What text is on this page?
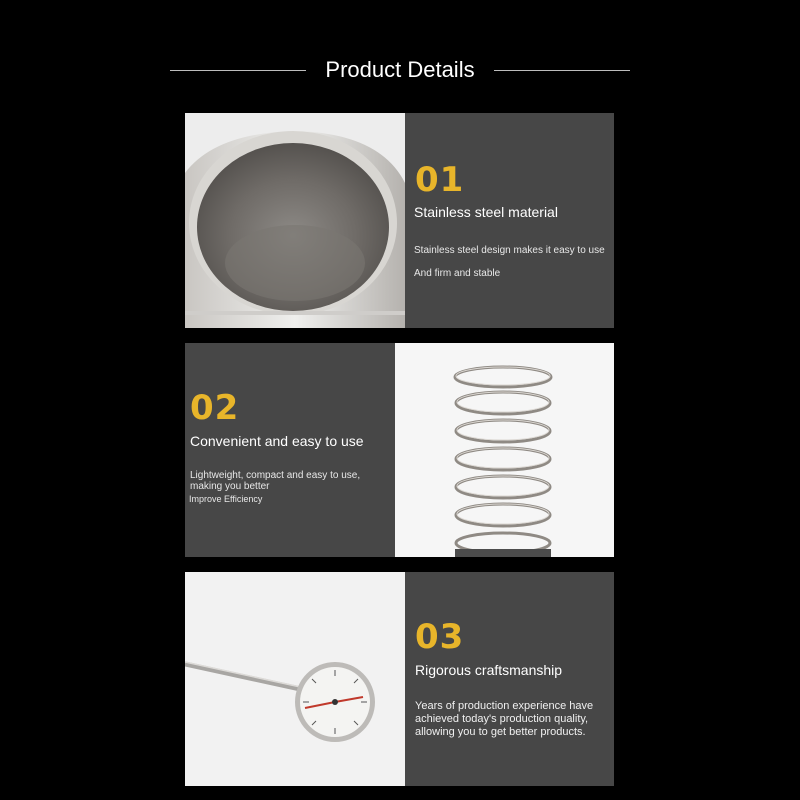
Product Details
01
Stainless steel material
Stainless steel design makes it easy to use
And firm and stable
02
Convenient and easy to use
Lightweight, compact and easy to use,
making you better
Improve Efficiency
03
Rigorous craftsmanship
Years of production experience have
achieved today's production quality,
allowing you to get better products.
